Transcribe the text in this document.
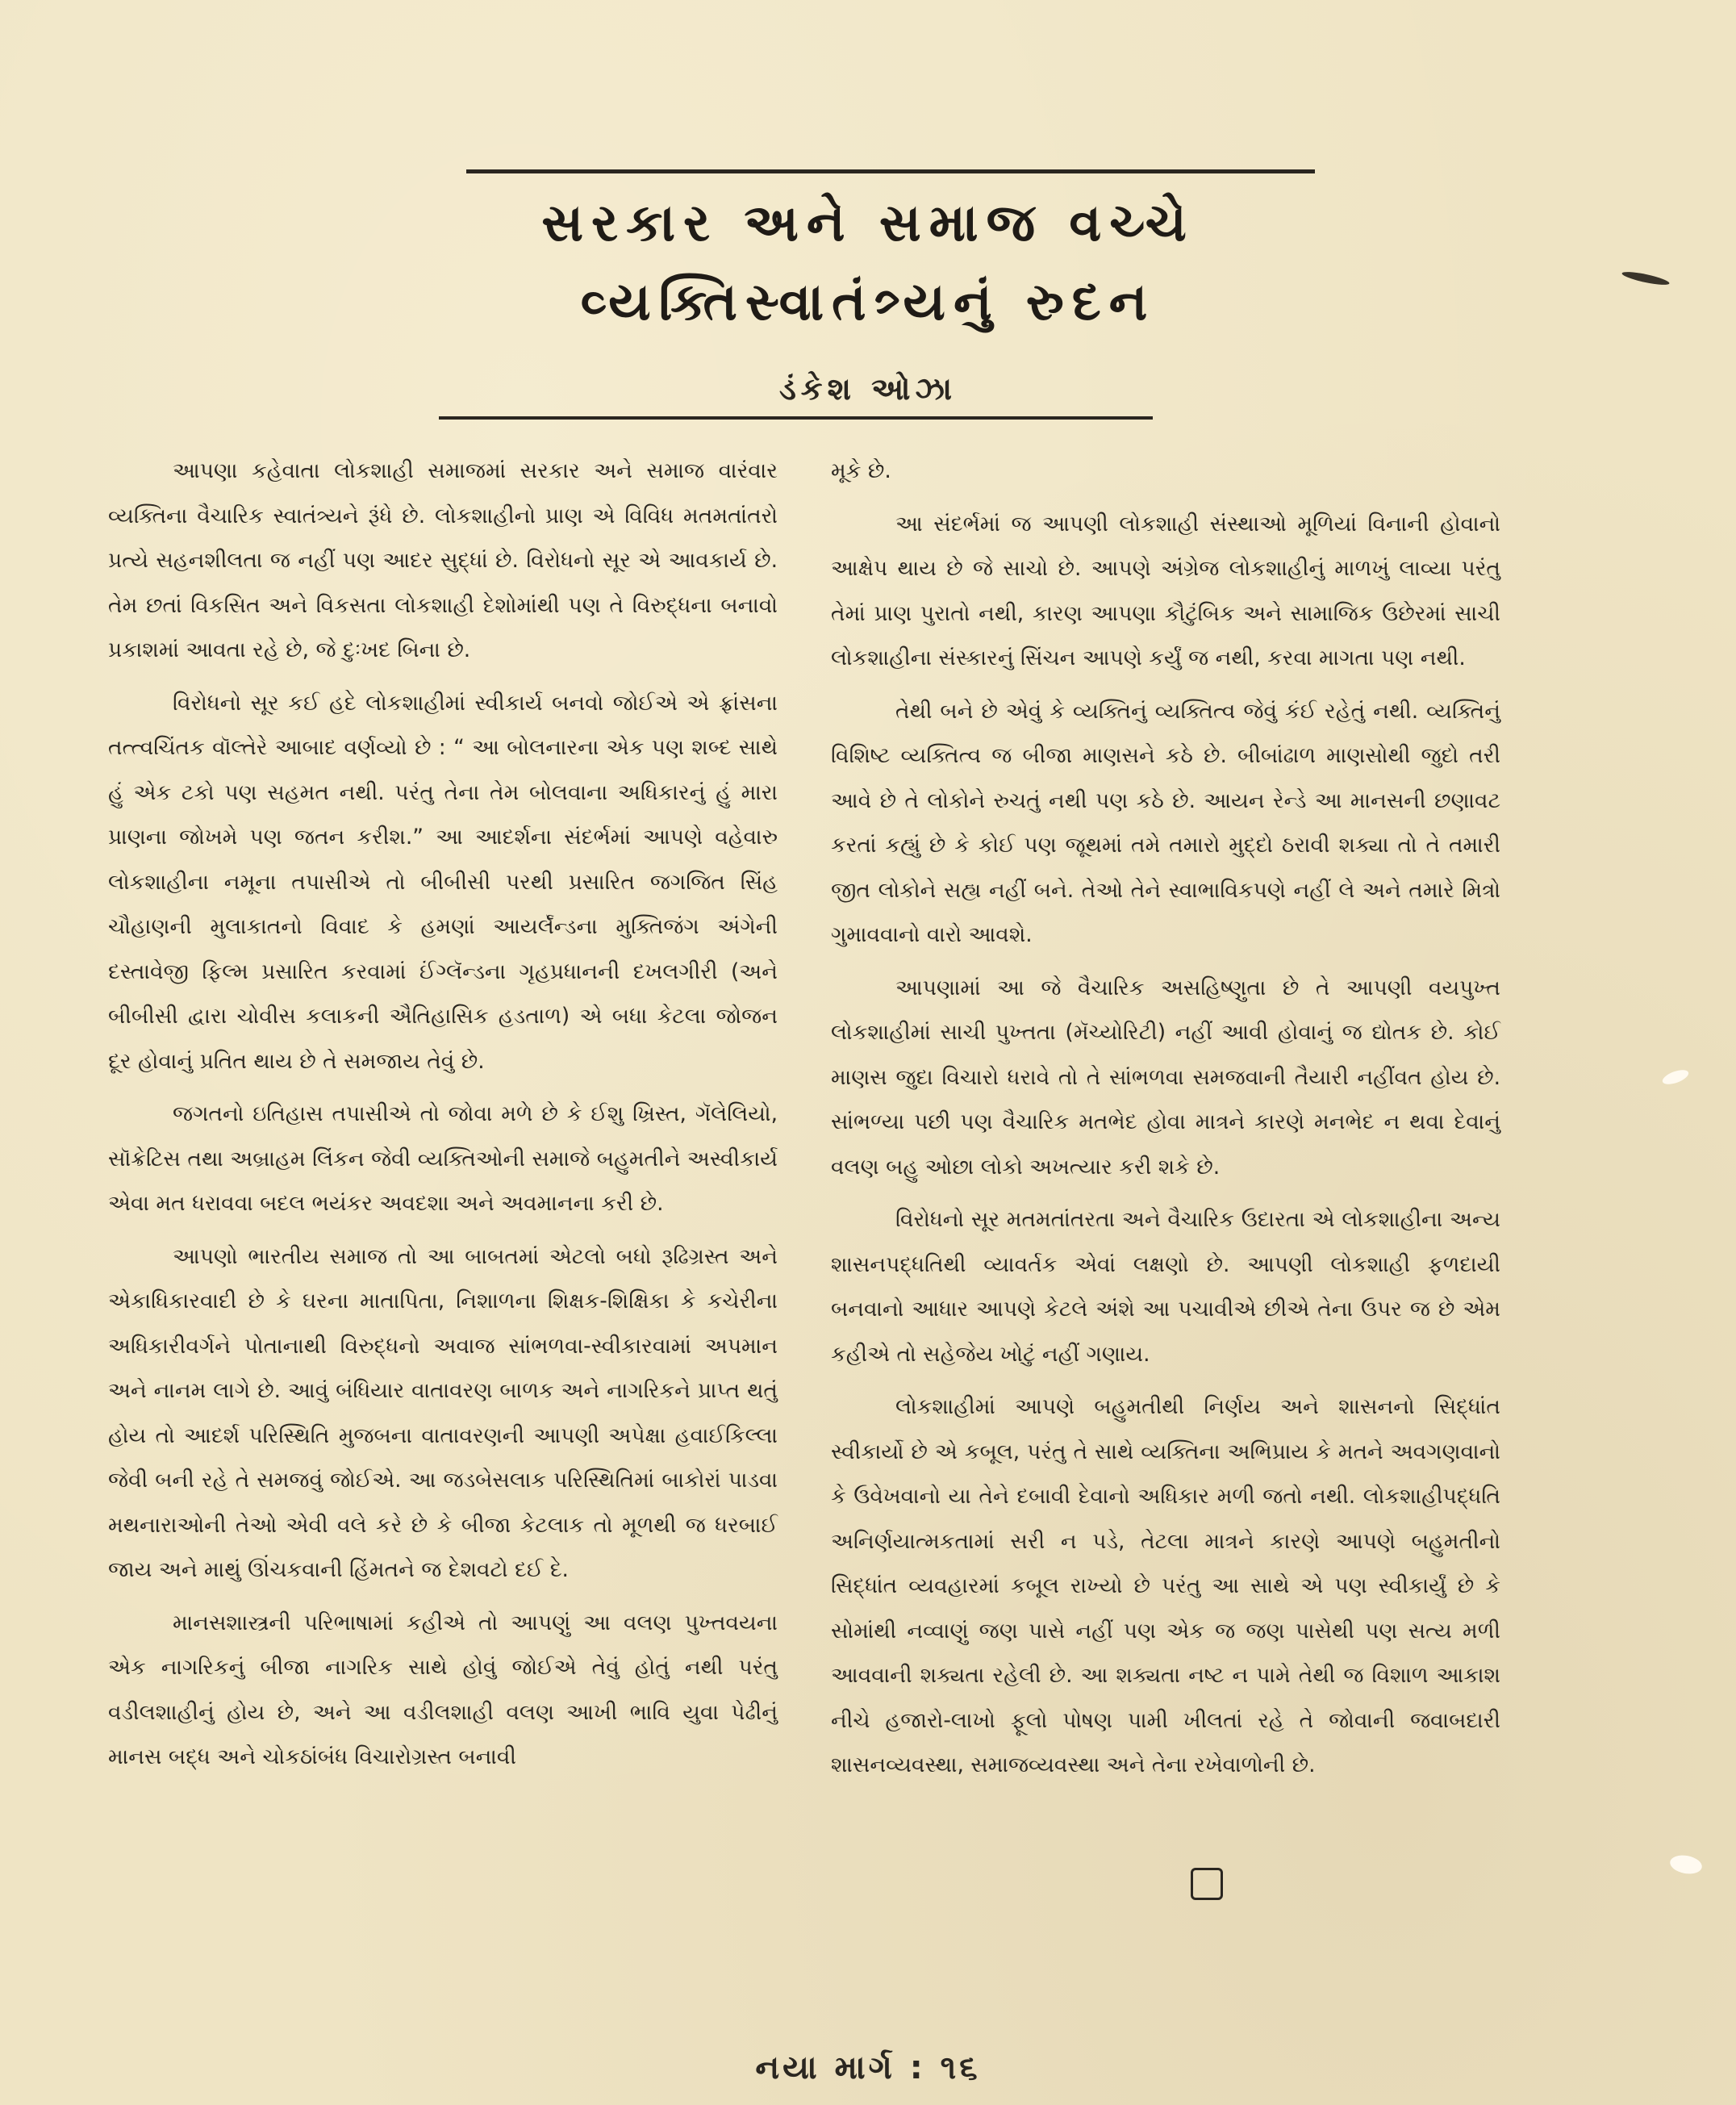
સરકાર અને સમાજ વચ્ચે
વ્યક્તિસ્વાતંત્ર્યનું રુદન
ડંકેશ ઓઝા

આપણા કહેવાતા લોકશાહી સમાજમાં સરકાર અને સમાજ વારંવાર વ્યક્તિના વૈચારિક સ્વાતંત્ર્યને રૂંધે છે. લોકશાહીનો પ્રાણ એ વિવિધ મતમતાંતરો પ્રત્યે સહનશીલતા જ નહીં પણ આદર સુદ્ધાં છે. વિરોધનો સૂર એ આવકાર્ય છે. તેમ છતાં વિકસિત અને વિકસતા લોકશાહી દેશોમાંથી પણ તે વિરુદ્ધના બનાવો પ્રકાશમાં આવતા રહે છે, જે દુઃખદ બિના છે.

વિરોધનો સૂર કઈ હદે લોકશાહીમાં સ્વીકાર્ય બનવો જોઈએ એ ફ્રાંસના તત્ત્વચિંતક વૉલ્તેરે આબાદ વર્ણવ્યો છે : “ આ બોલનારના એક પણ શબ્દ સાથે હું એક ટકો પણ સહમત નથી. પરંતુ તેના તેમ બોલવાના અધિકારનું હું મારા પ્રાણના જોખમે પણ જતન કરીશ.” આ આદર્શના સંદર્ભમાં આપણે વહેવારુ લોકશાહીના નમૂના તપાસીએ તો બીબીસી પરથી પ્રસારિત જગજિત સિંહ ચૌહાણની મુલાકાતનો વિવાદ કે હમણાં આયર્લૅન્ડના મુક્તિજંગ અંગેની દસ્તાવેજી ફિલ્મ પ્રસારિત કરવામાં ઈંગ્લૅન્ડના ગૃહપ્રધાનની દખલગીરી (અને બીબીસી દ્વારા ચોવીસ કલાકની ઐતિહાસિક હડતાળ) એ બધા કેટલા જોજન દૂર હોવાનું પ્રતિત થાય છે તે સમજાય તેવું છે.

જગતનો ઇતિહાસ તપાસીએ તો જોવા મળે છે કે ઈશુ ખ્રિસ્ત, ગૅલેલિયો, સૉક્રેટિસ તથા અબ્રાહમ લિંકન જેવી વ્યક્તિઓની સમાજે બહુમતીને અસ્વીકાર્ય એવા મત ધરાવવા બદલ ભયંકર અવદશા અને અવમાનના કરી છે.

આપણો ભારતીય સમાજ તો આ બાબતમાં એટલો બધો રૂઢિગ્રસ્ત અને એકાધિકારવાદી છે કે ઘરના માતાપિતા, નિશાળના શિક્ષક-શિક્ષિકા કે કચેરીના અધિકારીવર્ગને પોતાનાથી વિરુદ્ધનો અવાજ સાંભળવા-સ્વીકારવામાં અપમાન અને નાનમ લાગે છે. આવું બંધિયાર વાતાવરણ બાળક અને નાગરિકને પ્રાપ્ત થતું હોય તો આદર્શ પરિસ્થિતિ મુજબના વાતાવરણની આપણી અપેક્ષા હવાઈકિલ્લા જેવી બની રહે તે સમજવું જોઈએ. આ જડબેસલાક પરિસ્થિતિમાં બાકોરાં પાડવા મથનારાઓની તેઓ એવી વલે કરે છે કે બીજા કેટલાક તો મૂળથી જ ધરબાઈ જાય અને માથું ઊંચકવાની હિંમતને જ દેશવટો દઈ દે.

માનસશાસ્ત્રની પરિભાષામાં કહીએ તો આપણું આ વલણ પુખ્તવયના એક નાગરિકનું બીજા નાગરિક સાથે હોવું જોઈએ તેવું હોતું નથી પરંતુ વડીલશાહીનું હોય છે, અને આ વડીલશાહી વલણ આખી ભાવિ યુવા પેઢીનું માનસ બદ્ધ અને ચોકઠાંબંધ વિચારોગ્રસ્ત બનાવી

મૂકે છે.

આ સંદર્ભમાં જ આપણી લોકશાહી સંસ્થાઓ મૂળિયાં વિનાની હોવાનો આક્ષેપ થાય છે જે સાચો છે. આપણે અંગ્રેજ લોકશાહીનું માળખું લાવ્યા પરંતુ તેમાં પ્રાણ પુરાતો નથી, કારણ આપણા કૌટુંબિક અને સામાજિક ઉછેરમાં સાચી લોકશાહીના સંસ્કારનું સિંચન આપણે કર્યું જ નથી, કરવા માગતા પણ નથી.

તેથી બને છે એવું કે વ્યક્તિનું વ્યક્તિત્વ જેવું કંઈ રહેતું નથી. વ્યક્તિનું વિશિષ્ટ વ્યક્તિત્વ જ બીજા માણસને કઠે છે. બીબાંઢાળ માણસોથી જુદો તરી આવે છે તે લોકોને રુચતું નથી પણ કઠે છે. આયન રેન્ડે આ માનસની છણાવટ કરતાં કહ્યું છે કે કોઈ પણ જૂથમાં તમે તમારો મુદ્દો ઠરાવી શક્યા તો તે તમારી જીત લોકોને સહ્ય નહીં બને. તેઓ તેને સ્વાભાવિકપણે નહીં લે અને તમારે મિત્રો ગુમાવવાનો વારો આવશે.

આપણામાં આ જે વૈચારિક અસહિષ્ણુતા છે તે આપણી વયપુખ્ત લોકશાહીમાં સાચી પુખ્તતા (મૅચ્યોરિટી) નહીં આવી હોવાનું જ દ્યોતક છે. કોઈ માણસ જુદા વિચારો ધરાવે તો તે સાંભળવા સમજવાની તૈયારી નહીંવત હોય છે. સાંભળ્યા પછી પણ વૈચારિક મતભેદ હોવા માત્રને કારણે મનભેદ ન થવા દેવાનું વલણ બહુ ઓછા લોકો અખત્યાર કરી શકે છે.

વિરોધનો સૂર મતમતાંતરતા અને વૈચારિક ઉદારતા એ લોકશાહીના અન્ય શાસનપદ્ધતિથી વ્યાવર્તક એવાં લક્ષણો છે. આપણી લોકશાહી ફળદાયી બનવાનો આધાર આપણે કેટલે અંશે આ પચાવીએ છીએ તેના ઉપર જ છે એમ કહીએ તો સહેજેય ખોટું નહીં ગણાય.

લોકશાહીમાં આપણે બહુમતીથી નિર્ણય અને શાસનનો સિદ્ધાંત સ્વીકાર્યો છે એ કબૂલ, પરંતુ તે સાથે વ્યક્તિના અભિપ્રાય કે મતને અવગણવાનો કે ઉવેખવાનો યા તેને દબાવી દેવાનો અધિકાર મળી જતો નથી. લોકશાહીપદ્ધતિ અનિર્ણયાત્મકતામાં સરી ન પડે, તેટલા માત્રને કારણે આપણે બહુમતીનો સિદ્ધાંત વ્યવહારમાં કબૂલ રાખ્યો છે પરંતુ આ સાથે એ પણ સ્વીકાર્યું છે કે સોમાંથી નવ્વાણું જણ પાસે નહીં પણ એક જ જણ પાસેથી પણ સત્ય મળી આવવાની શક્યતા રહેલી છે. આ શક્યતા નષ્ટ ન પામે તેથી જ વિશાળ આકાશ નીચે હજારો-લાખો ફૂલો પોષણ પામી ખીલતાં રહે તે જોવાની જવાબદારી શાસનવ્યવસ્થા, સમાજવ્યવસ્થા અને તેના રખેવાળોની છે.

નયા માર્ગ : ૧૬
